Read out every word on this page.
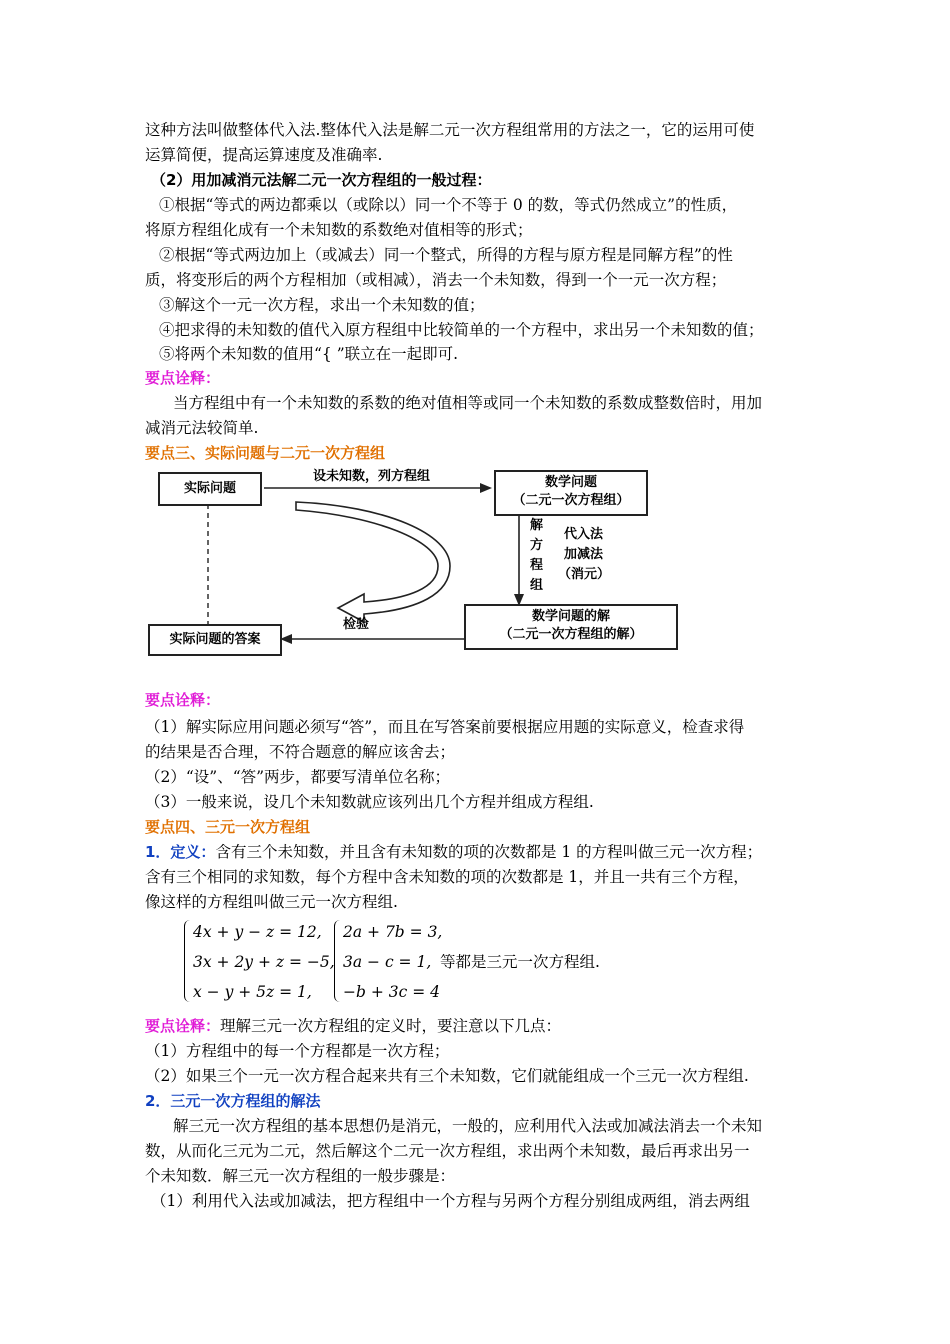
这种方法叫做整体代入法.整体代入法是解二元一次方程组常用的方法之一，它的运用可使
运算简便，提高运算速度及准确率.
（2）用加减消元法解二元一次方程组的一般过程：
①根据“等式的两边都乘以（或除以）同一个不等于 0 的数，等式仍然成立”的性质，
将原方程组化成有一个未知数的系数绝对值相等的形式；
②根据“等式两边加上（或减去）同一个整式，所得的方程与原方程是同解方程”的性
质，将变形后的两个方程相加（或相减），消去一个未知数，得到一个一元一次方程；
③解这个一元一次方程，求出一个未知数的值；
④把求得的未知数的值代入原方程组中比较简单的一个方程中，求出另一个未知数的值；
⑤将两个未知数的值用“{ ”联立在一起即可.
要点诠释：
当方程组中有一个未知数的系数的绝对值相等或同一个未知数的系数成整数倍时，用加
减消元法较简单.
要点三、实际问题与二元一次方程组
实际问题	数学问题
（二元一次方程组）
数学问题的解
（二元一次方程组的解）
实际问题的答案
设未知数，列方程组
解
方
程
组
代入法
加减法
（消元）
检验
要点诠释：
（1）解实际应用问题必须写“答”，而且在写答案前要根据应用题的实际意义，检查求得
的结果是否合理，不符合题意的解应该舍去；
（2）“设”、“答”两步，都要写清单位名称；
（3）一般来说，设几个未知数就应该列出几个方程并组成方程组.
要点四、三元一次方程组
1．定义：含有三个未知数，并且含有未知数的项的次数都是 1 的方程叫做三元一次方程；
含有三个相同的求知数，每个方程中含未知数的项的次数都是 1，并且一共有三个方程，
像这样的方程组叫做三元一次方程组.
4x + y − z = 12,
3x + 2y + z = −5,
x − y + 5z = 1,
2a + 7b = 3,
3a − c = 1,
−b + 3c = 4
等都是三元一次方程组.
要点诠释：理解三元一次方程组的定义时，要注意以下几点：
（1）方程组中的每一个方程都是一次方程；
（2）如果三个一元一次方程合起来共有三个未知数，它们就能组成一个三元一次方程组.
2．三元一次方程组的解法
解三元一次方程组的基本思想仍是消元，一般的，应利用代入法或加减法消去一个未知
数，从而化三元为二元，然后解这个二元一次方程组，求出两个未知数，最后再求出另一
个未知数．解三元一次方程组的一般步骤是：
（1）利用代入法或加减法，把方程组中一个方程与另两个方程分别组成两组，消去两组
